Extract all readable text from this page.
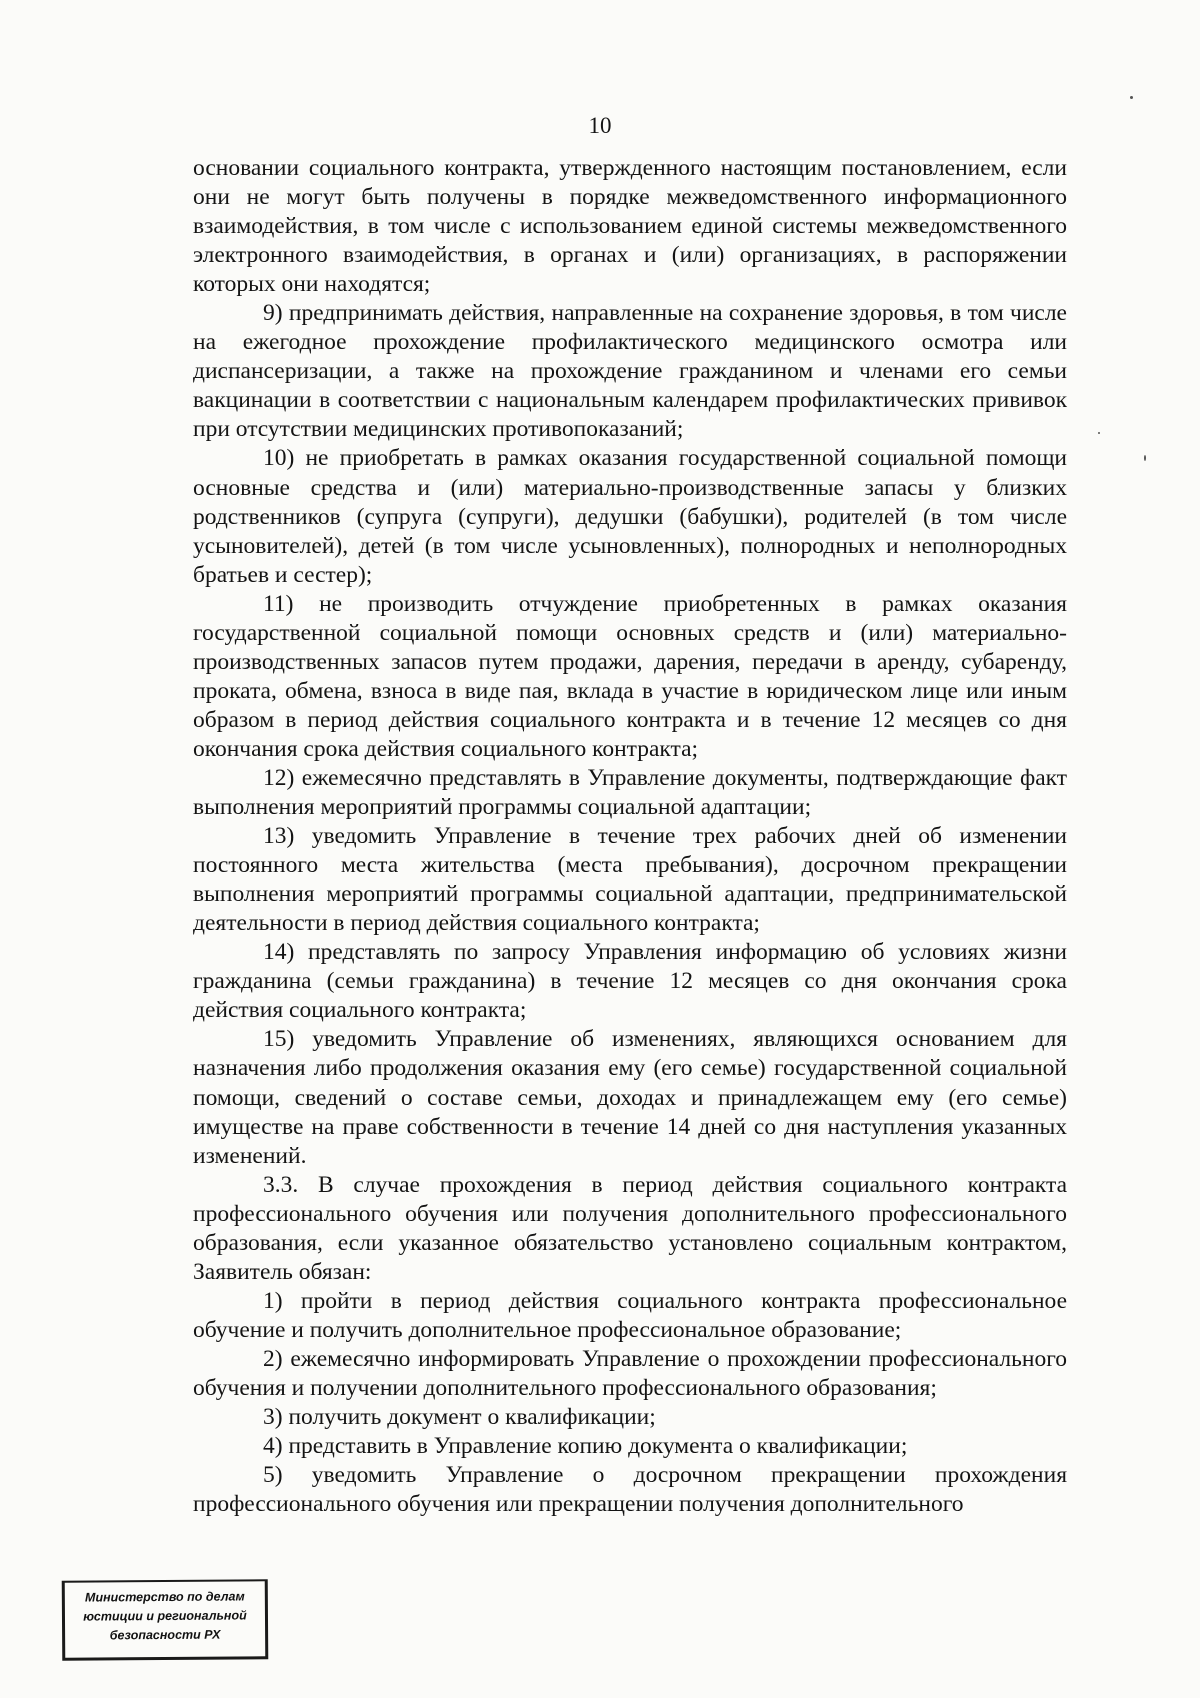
10

основании социального контракта, утвержденного настоящим постановлением, если они не могут быть получены в порядке межведомственного информационного взаимодействия, в том числе с использованием единой системы межведомственного электронного взаимодействия, в органах и (или) организациях, в распоряжении которых они находятся;

9) предпринимать действия, направленные на сохранение здоровья, в том числе на ежегодное прохождение профилактического медицинского осмотра или диспансеризации, а также на прохождение гражданином и членами его семьи вакцинации в соответствии с национальным календарем профилактических прививок при отсутствии медицинских противопоказаний;

10) не приобретать в рамках оказания государственной социальной помощи основные средства и (или) материально-производственные запасы у близких родственников (супруга (супруги), дедушки (бабушки), родителей (в том числе усыновителей), детей (в том числе усыновленных), полнородных и неполнородных братьев и сестер);

11) не производить отчуждение приобретенных в рамках оказания государственной социальной помощи основных средств и (или) материально-производственных запасов путем продажи, дарения, передачи в аренду, субаренду, проката, обмена, взноса в виде пая, вклада в участие в юридическом лице или иным образом в период действия социального контракта и в течение 12 месяцев со дня окончания срока действия социального контракта;

12) ежемесячно представлять в Управление документы, подтверждающие факт выполнения мероприятий программы социальной адаптации;

13) уведомить Управление в течение трех рабочих дней об изменении постоянного места жительства (места пребывания), досрочном прекращении выполнения мероприятий программы социальной адаптации, предпринимательской деятельности в период действия социального контракта;

14) представлять по запросу Управления информацию об условиях жизни гражданина (семьи гражданина) в течение 12 месяцев со дня окончания срока действия социального контракта;

15) уведомить Управление об изменениях, являющихся основанием для назначения либо продолжения оказания ему (его семье) государственной социальной помощи, сведений о составе семьи, доходах и принадлежащем ему (его семье) имуществе на праве собственности в течение 14 дней со дня наступления указанных изменений.

3.3. В случае прохождения в период действия социального контракта профессионального обучения или получения дополнительного профессионального образования, если указанное обязательство установлено социальным контрактом, Заявитель обязан:

1) пройти в период действия социального контракта профессиональное обучение и получить дополнительное профессиональное образование;

2) ежемесячно информировать Управление о прохождении профессионального обучения и получении дополнительного профессионального образования;

3) получить документ о квалификации;

4) представить в Управление копию документа о квалификации;

5) уведомить Управление о досрочном прекращении прохождения профессионального обучения или прекращении получения дополнительного

Министерство по делам
юстиции и региональной
безопасности РХ
